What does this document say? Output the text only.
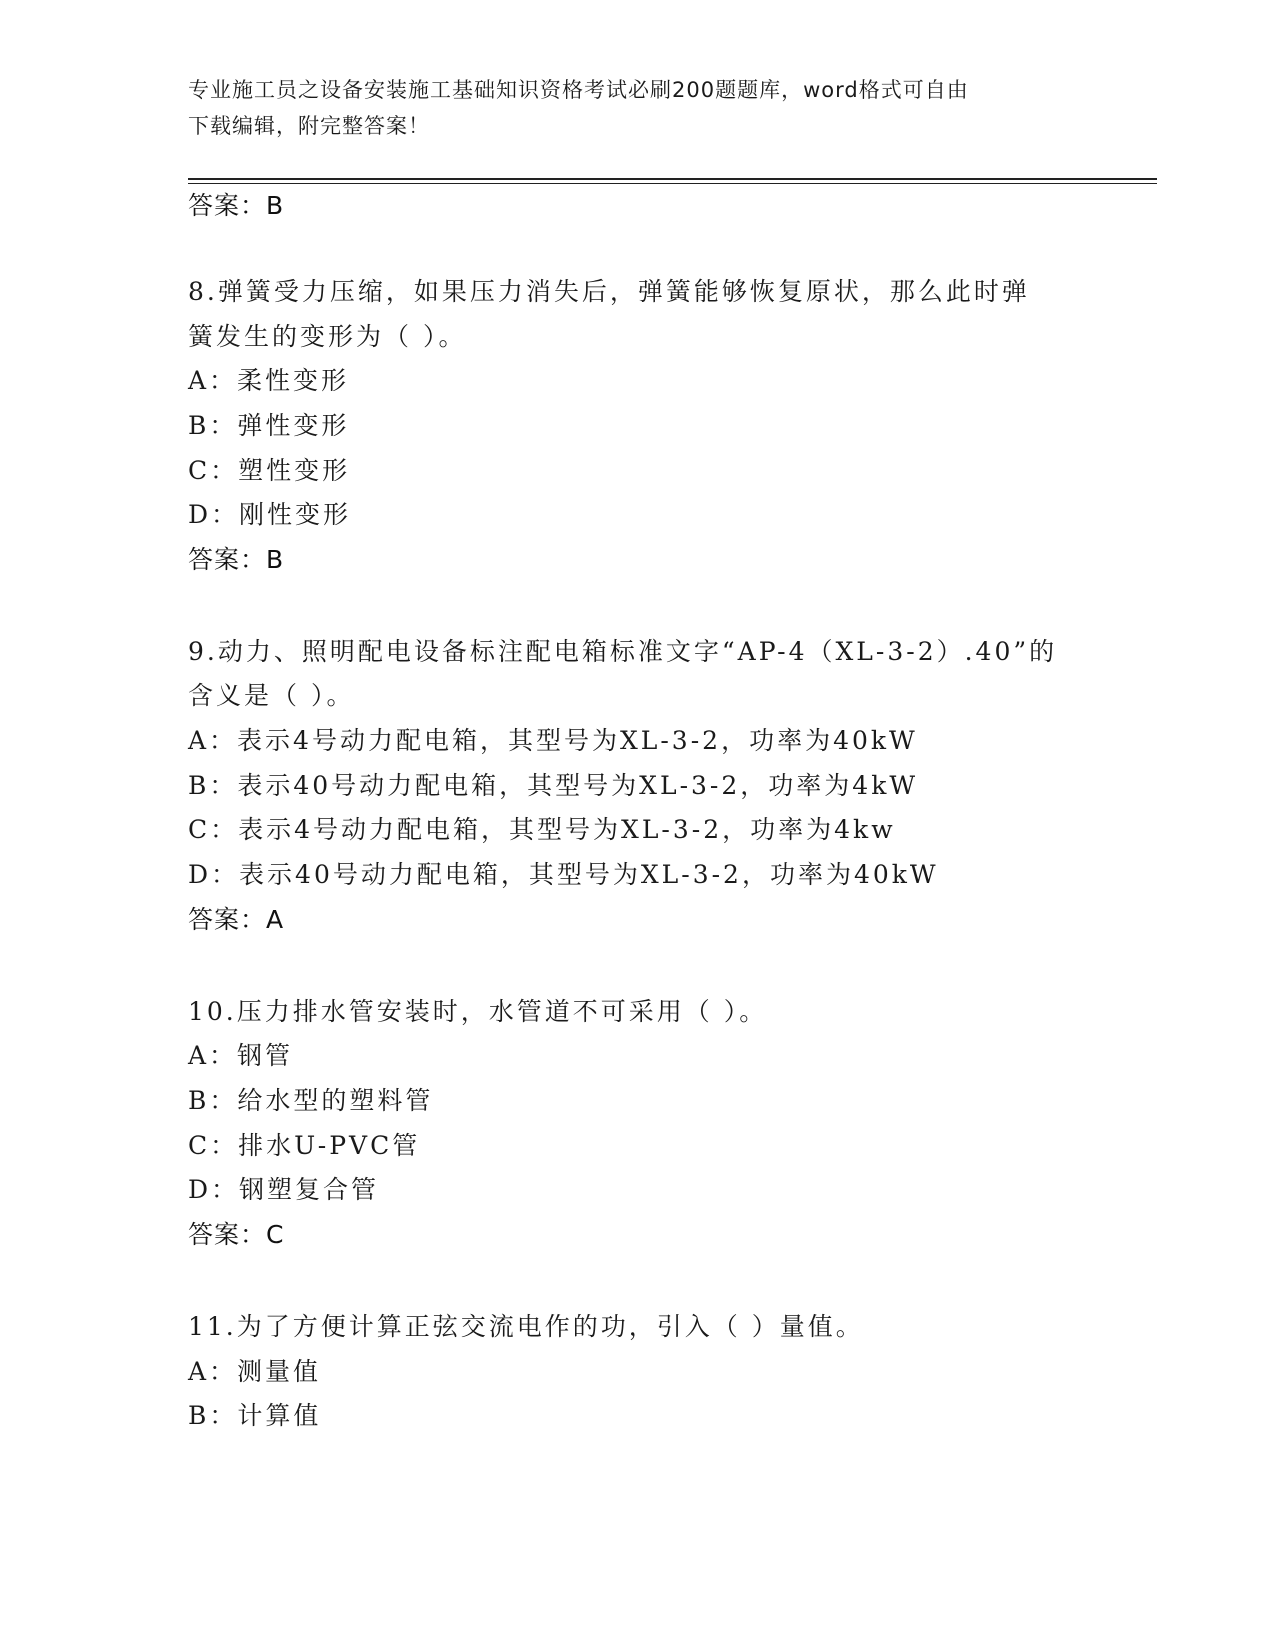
专业施工员之设备安装施工基础知识资格考试必刷200题题库，word格式可自由
下载编辑，附完整答案！
答案：B
8.弹簧受力压缩，如果压力消失后，弹簧能够恢复原状，那么此时弹
簧发生的变形为（ ）。
A：柔性变形
B：弹性变形
C：塑性变形
D：刚性变形
答案：B
9.动力、照明配电设备标注配电箱标准文字“AP-4（XL-3-2）.40”的
含义是（ ）。
A：表示4号动力配电箱，其型号为XL-3-2，功率为40kW
B：表示40号动力配电箱，其型号为XL-3-2，功率为4kW
C：表示4号动力配电箱，其型号为XL-3-2，功率为4kw
D：表示40号动力配电箱，其型号为XL-3-2，功率为40kW
答案：A
10.压力排水管安装时，水管道不可采用（ ）。
A：钢管
B：给水型的塑料管
C：排水U-PVC管
D：钢塑复合管
答案：C
11.为了方便计算正弦交流电作的功，引入（ ）量值。
A：测量值
B：计算值
